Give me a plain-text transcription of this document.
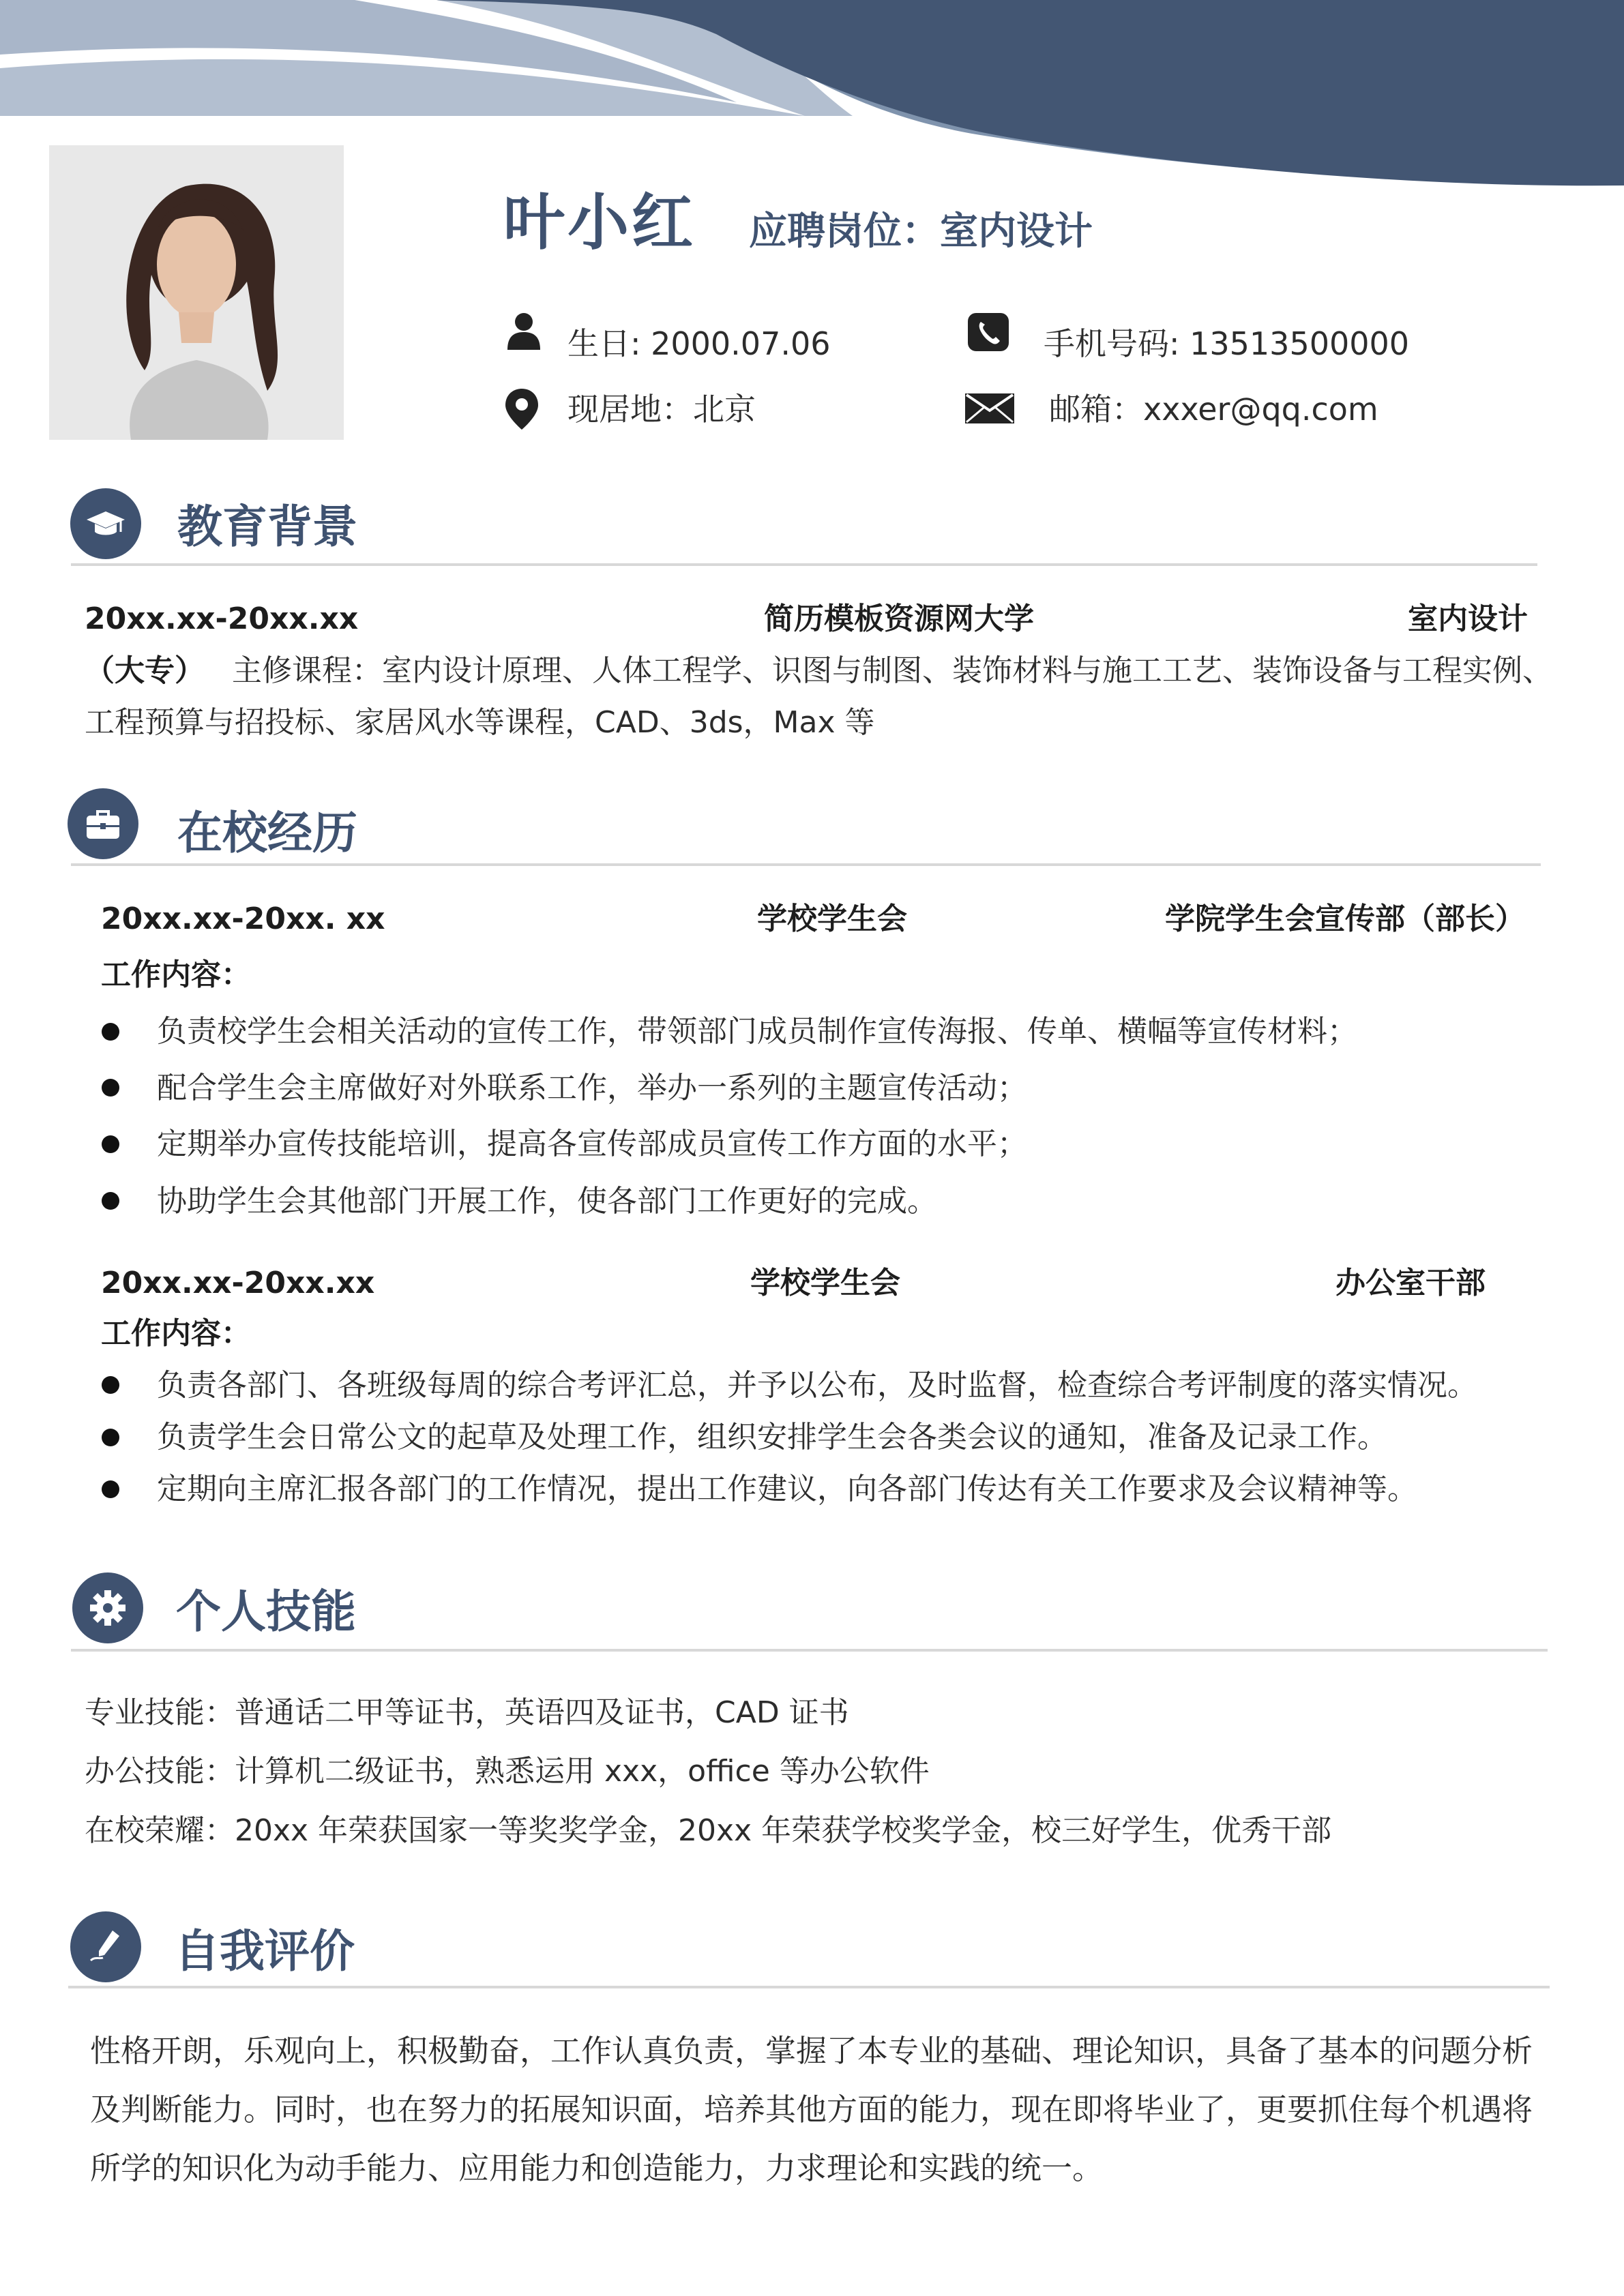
叶小红 应聘岗位：室内设计
生日: 2000.07.06	手机号码: 13513500000
现居地：北京	邮箱：xxxer@qq.com
教育背景
20xx.xx-20xx.xx	简历模板资源网大学	室内设计
（大专） 主修课程：室内设计原理、人体工程学、识图与制图、装饰材料与施工工艺、装饰设备与工程实例、
工程预算与招投标、家居风水等课程，CAD、3ds，Max 等
在校经历
20xx.xx-20xx. xx	学校学生会	学院学生会宣传部（部长）
工作内容：
负责校学生会相关活动的宣传工作，带领部门成员制作宣传海报、传单、横幅等宣传材料；
配合学生会主席做好对外联系工作，举办一系列的主题宣传活动；
定期举办宣传技能培训，提高各宣传部成员宣传工作方面的水平；
协助学生会其他部门开展工作，使各部门工作更好的完成。
20xx.xx-20xx.xx	学校学生会	办公室干部
工作内容：
负责各部门、各班级每周的综合考评汇总，并予以公布，及时监督，检查综合考评制度的落实情况。
负责学生会日常公文的起草及处理工作，组织安排学生会各类会议的通知，准备及记录工作。
定期向主席汇报各部门的工作情况，提出工作建议，向各部门传达有关工作要求及会议精神等。
个人技能
专业技能：普通话二甲等证书，英语四及证书，CAD 证书
办公技能：计算机二级证书，熟悉运用 xxx，office 等办公软件
在校荣耀：20xx 年荣获国家一等奖奖学金，20xx 年荣获学校奖学金，校三好学生，优秀干部
自我评价
性格开朗，乐观向上，积极勤奋，工作认真负责，掌握了本专业的基础、理论知识，具备了基本的问题分析及判断能力。同时，也在努力的拓展知识面，培养其他方面的能力，现在即将毕业了，更要抓住每个机遇将所学的知识化为动手能力、应用能力和创造能力，力求理论和实践的统一。
